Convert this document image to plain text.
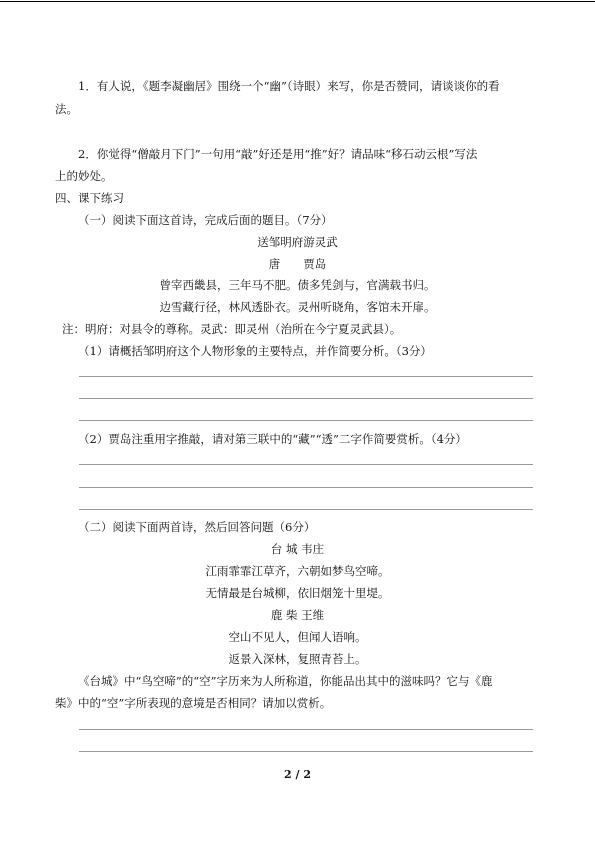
1．有人说，《题李凝幽居》围绕一个“幽”（诗眼）来写，你是否赞同，请谈谈你的看
法。
2．你觉得“僧敲月下门”一句用“敲”好还是用“推”好？请品味“移石动云根”写法
上的妙处。
四、课下练习
（一）阅读下面这首诗，完成后面的题目。（7分）
送邹明府游灵武
唐　　贾岛
曾宰西畿县，三年马不肥。债多凭剑与，官满载书归。
边雪藏行径，林风透卧衣。灵州听晓角，客馆未开扉。
注：明府：对县令的尊称。灵武：即灵州（治所在今宁夏灵武县）。
（1）请概括邹明府这个人物形象的主要特点，并作简要分析。（3分）
（2）贾岛注重用字推敲，请对第三联中的“藏”“透”二字作简要赏析。（4分）
（二）阅读下面两首诗，然后回答问题（6分）
台 城 韦庄
江雨霏霏江草齐，六朝如梦鸟空啼。
无情最是台城柳，依旧烟笼十里堤。
鹿 柴 王维
空山不见人，但闻人语响。
返景入深林，复照青苔上。
《台城》中“鸟空啼”的“空”字历来为人所称道，你能品出其中的滋味吗？它与《鹿
柴》中的“空”字所表现的意境是否相同？请加以赏析。
2 / 2
